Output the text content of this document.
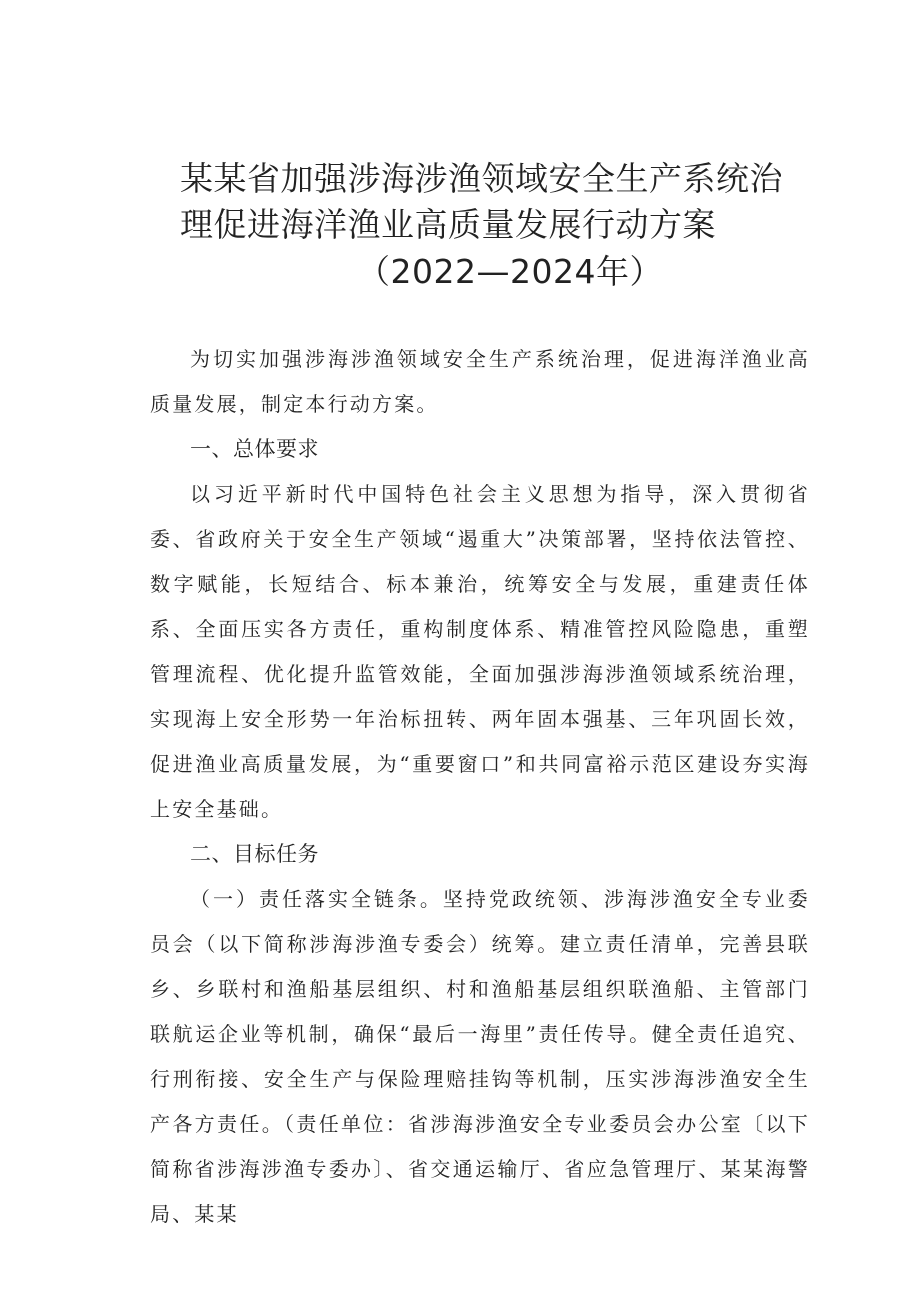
某某省加强涉海涉渔领域安全生产系统治
理促进海洋渔业高质量发展行动方案
（2022—2024年）

为切实加强涉海涉渔领域安全生产系统治理，促进海洋渔业高质量发展，制定本行动方案。

一、总体要求

以习近平新时代中国特色社会主义思想为指导，深入贯彻省委、省政府关于安全生产领域“遏重大”决策部署，坚持依法管控、数字赋能，长短结合、标本兼治，统筹安全与发展，重建责任体系、全面压实各方责任，重构制度体系、精准管控风险隐患，重塑管理流程、优化提升监管效能，全面加强涉海涉渔领域系统治理，实现海上安全形势一年治标扭转、两年固本强基、三年巩固长效，促进渔业高质量发展，为“重要窗口”和共同富裕示范区建设夯实海上安全基础。

二、目标任务

（一）责任落实全链条。坚持党政统领、涉海涉渔安全专业委员会（以下简称涉海涉渔专委会）统筹。建立责任清单，完善县联乡、乡联村和渔船基层组织、村和渔船基层组织联渔船、主管部门联航运企业等机制，确保“最后一海里”责任传导。健全责任追究、行刑衔接、安全生产与保险理赔挂钩等机制，压实涉海涉渔安全生产各方责任。（责任单位：省涉海涉渔安全专业委员会办公室〔以下简称省涉海涉渔专委办〕、省交通运输厅、省应急管理厅、某某海警局、某某
